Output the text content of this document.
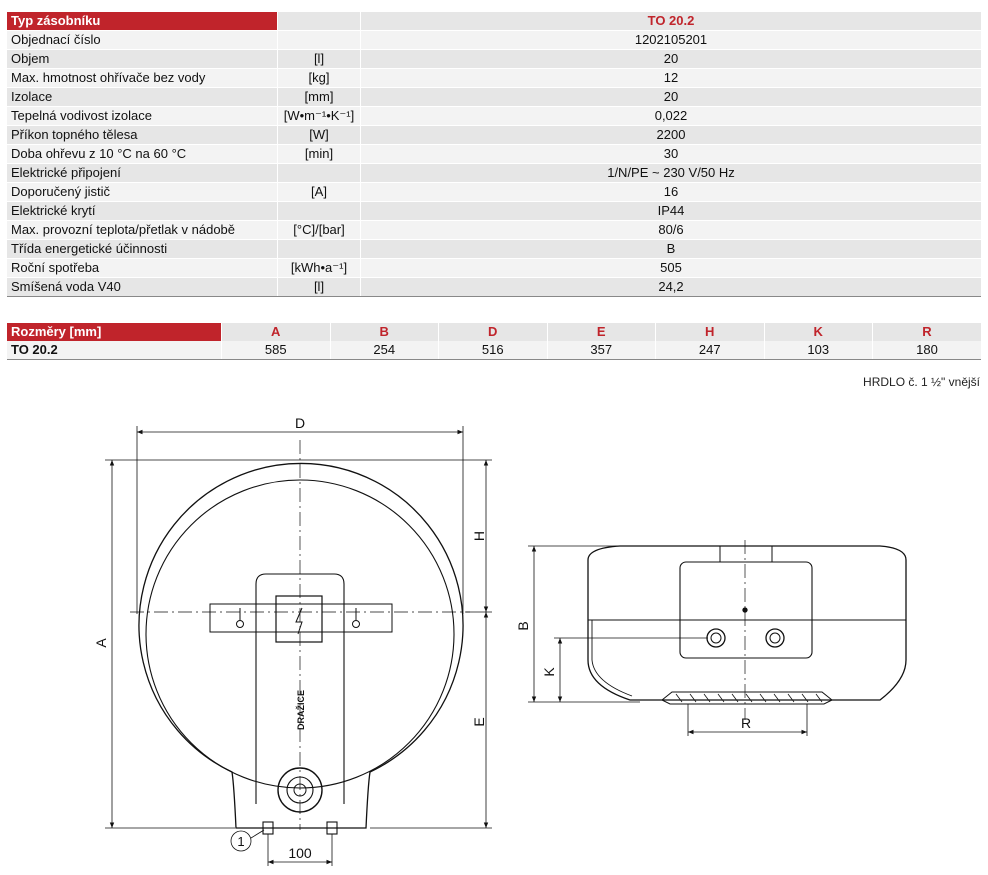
Typ zásobníku		TO 20.2
Objednací číslo		1202105201
Objem	[l]	20
Max. hmotnost ohřívače bez vody	[kg]	12
Izolace	[mm]	20
Tepelná vodivost izolace	[W•m⁻¹•K⁻¹]	0,022
Příkon topného tělesa	[W]	2200
Doba ohřevu z 10 °C na 60 °C	[min]	30
Elektrické připojení		1/N/PE ~ 230 V/50 Hz
Doporučený jistič	[A]	16
Elektrické krytí		IP44
Max. provozní teplota/přetlak v nádobě	[°C]/[bar]	80/6
Třída energetické účinnosti		B
Roční spotřeba	[kWh•a⁻¹]	505
Smíšená voda V40	[l]	24,2
Rozměry [mm]	A	B	D	E	H	K	R
TO 20.2	585	254	516	357	247	103	180
HRDLO č. 1 ½" vnější
DRAŽICE
D
A
H
E
100
1
B
K
R
